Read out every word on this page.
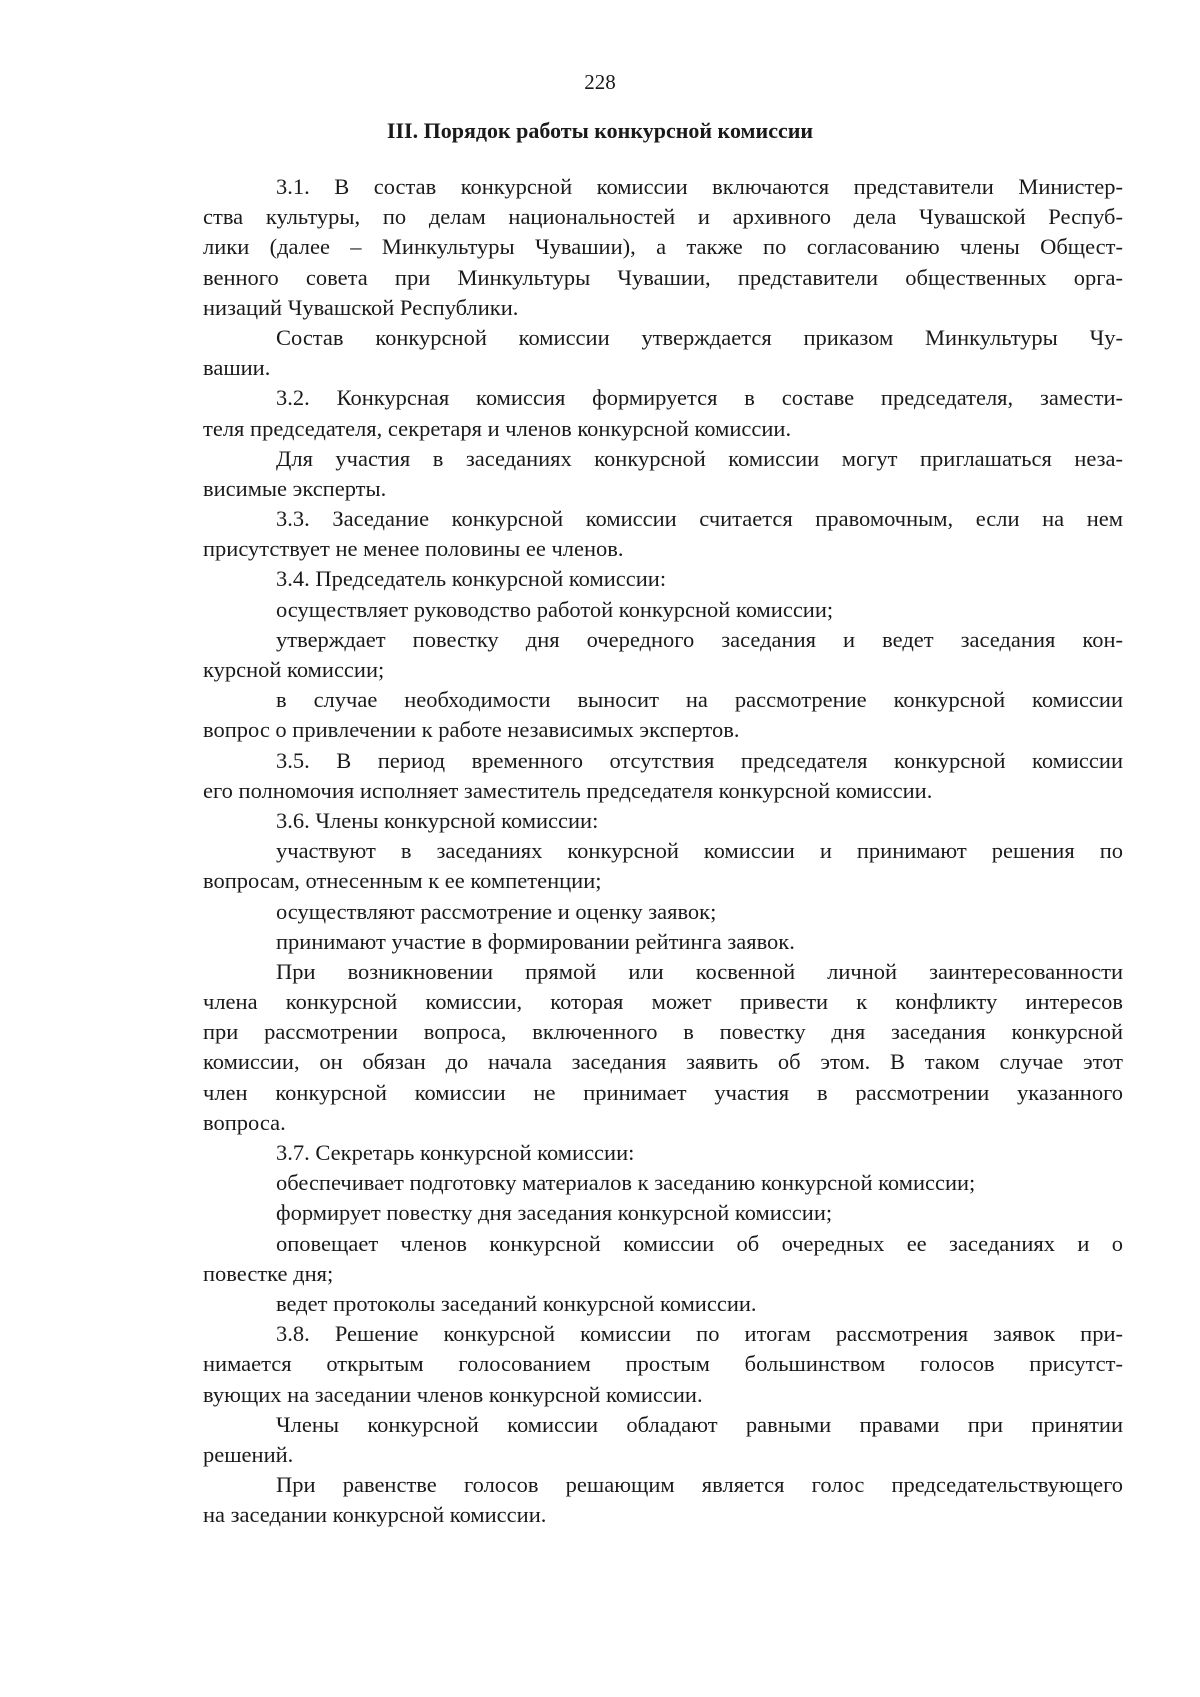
228
III. Порядок работы конкурсной комиссии
3.1. В состав конкурсной комиссии включаются представители Министер-
ства культуры, по делам национальностей и архивного дела Чувашской Респуб-
лики (далее – Минкультуры Чувашии), а также по согласованию члены Общест-
венного совета при Минкультуры Чувашии, представители общественных орга-
низаций Чувашской Республики.
Состав конкурсной комиссии утверждается приказом Минкультуры Чу-
вашии.
3.2. Конкурсная комиссия формируется в составе председателя, замести-
теля председателя, секретаря и членов конкурсной комиссии.
Для участия в заседаниях конкурсной комиссии могут приглашаться неза-
висимые эксперты.
3.3. Заседание конкурсной комиссии считается правомочным, если на нем
присутствует не менее половины ее членов.
3.4. Председатель конкурсной комиссии:
осуществляет руководство работой конкурсной комиссии;
утверждает повестку дня очередного заседания и ведет заседания кон-
курсной комиссии;
в случае необходимости выносит на рассмотрение конкурсной комиссии
вопрос о привлечении к работе независимых экспертов.
3.5. В период временного отсутствия председателя конкурсной комиссии
его полномочия исполняет заместитель председателя конкурсной комиссии.
3.6. Члены конкурсной комиссии:
участвуют в заседаниях конкурсной комиссии и принимают решения по
вопросам, отнесенным к ее компетенции;
осуществляют рассмотрение и оценку заявок;
принимают участие в формировании рейтинга заявок.
При возникновении прямой или косвенной личной заинтересованности
члена конкурсной комиссии, которая может привести к конфликту интересов
при рассмотрении вопроса, включенного в повестку дня заседания конкурсной
комиссии, он обязан до начала заседания заявить об этом. В таком случае этот
член конкурсной комиссии не принимает участия в рассмотрении указанного
вопроса.
3.7. Секретарь конкурсной комиссии:
обеспечивает подготовку материалов к заседанию конкурсной комиссии;
формирует повестку дня заседания конкурсной комиссии;
оповещает членов конкурсной комиссии об очередных ее заседаниях и о
повестке дня;
ведет протоколы заседаний конкурсной комиссии.
3.8. Решение конкурсной комиссии по итогам рассмотрения заявок при-
нимается открытым голосованием простым большинством голосов присутст-
вующих на заседании членов конкурсной комиссии.
Члены конкурсной комиссии обладают равными правами при принятии
решений.
При равенстве голосов решающим является голос председательствующего
на заседании конкурсной комиссии.
